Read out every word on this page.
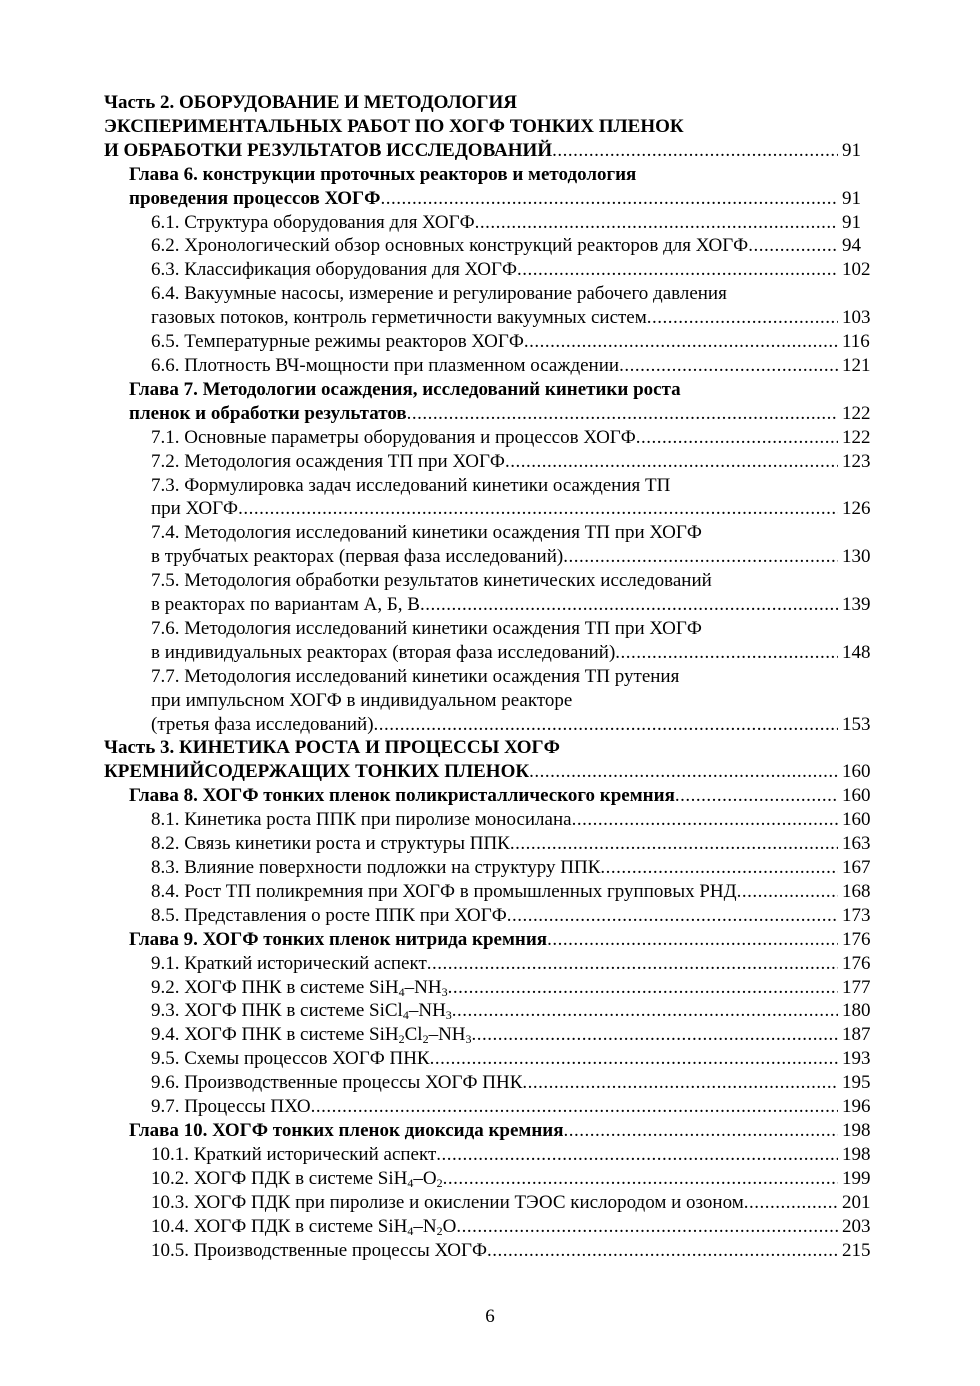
Часть 2. ОБОРУДОВАНИЕ И МЕТОДОЛОГИЯ
ЭКСПЕРИМЕНТАЛЬНЫХ РАБОТ ПО ХОГФ ТОНКИХ ПЛЕНОК
И ОБРАБОТКИ РЕЗУЛЬТАТОВ ИССЛЕДОВАНИЙ .....	91
Глава 6. конструкции проточных реакторов и методология
проведения процессов ХОГФ .....	91
6.1. Структура оборудования для ХОГФ .....	91
6.2. Хронологический обзор основных конструкций реакторов для ХОГФ .....	94
6.3. Классификация оборудования для ХОГФ .....	102
6.4. Вакуумные насосы, измерение и регулирование рабочего давления
газовых потоков, контроль герметичности вакуумных систем .....	103
6.5. Температурные режимы реакторов ХОГФ .....	116
6.6. Плотность ВЧ-мощности при плазменном осаждении .....	121
Глава 7. Методологии осаждения, исследований кинетики роста
пленок и обработки результатов .....	122
7.1. Основные параметры оборудования и процессов ХОГФ .....	122
7.2. Методология осаждения ТП при ХОГФ .....	123
7.3. Формулировка задач исследований кинетики осаждения ТП
при ХОГФ .....	126
7.4. Методология исследований кинетики осаждения ТП при ХОГФ
в трубчатых реакторах (первая фаза исследований) .....	130
7.5. Методология обработки результатов кинетических исследований
в реакторах по вариантам А, Б, В .....	139
7.6. Методология исследований кинетики осаждения ТП при ХОГФ
в индивидуальных реакторах (вторая фаза исследований) .....	148
7.7. Методология исследований кинетики осаждения ТП рутения
при импульсном ХОГФ в индивидуальном реакторе
(третья фаза исследований) .....	153
Часть 3. КИНЕТИКА РОСТА И ПРОЦЕССЫ ХОГФ
КРЕМНИЙСОДЕРЖАЩИХ ТОНКИХ ПЛЕНОК .....	160
Глава 8. ХОГФ тонких пленок поликристаллического кремния .....	160
8.1. Кинетика роста ППК при пиролизе моносилана .....	160
8.2. Связь кинетики роста и структуры ППК .....	163
8.3. Влияние поверхности подложки на структуру ППК .....	167
8.4. Рост ТП поликремния при ХОГФ в промышленных групповых РНД .....	168
8.5. Представления о росте ППК при ХОГФ .....	173
Глава 9. ХОГФ тонких пленок нитрида кремния .....	176
9.1. Краткий исторический аспект .....	176
9.2. ХОГФ ПНК в системе $SiH_4-NH_3$ .....	177
9.3. ХОГФ ПНК в системе $SiCl_4-NH_3$ .....	180
9.4. ХОГФ ПНК в системе $SiH_2Cl_2-NH_3$ .....	187
9.5. Схемы процессов ХОГФ ПНК .....	193
9.6. Производственные процессы ХОГФ ПНК .....	195
9.7. Процессы ПХО .....	196
Глава 10. ХОГФ тонких пленок диоксида кремния .....	198
10.1. Краткий исторический аспект .....	198
10.2. ХОГФ ПДК в системе $SiH_4-O_2$ .....	199
10.3. ХОГФ ПДК при пиролизе и окислении ТЭОС кислородом и озоном .....	201
10.4. ХОГФ ПДК в системе $SiH_4-N_2O$ .....	203
10.5. Производственные процессы ХОГФ .....	215
6
